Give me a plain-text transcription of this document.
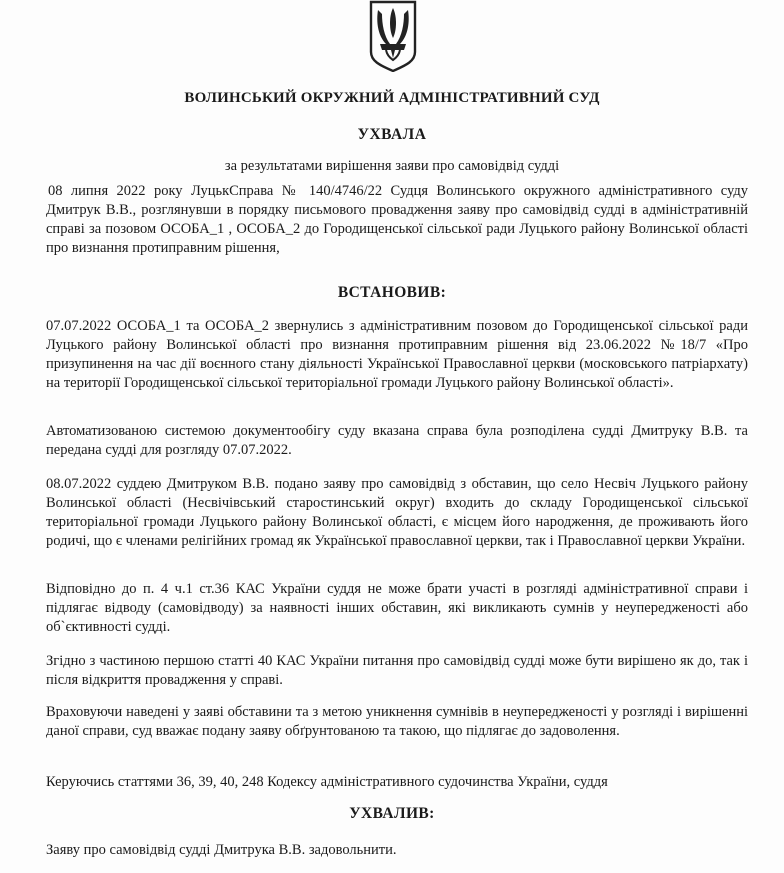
ВОЛИНСЬКИЙ ОКРУЖНИЙ АДМІНІСТРАТИВНИЙ СУД
УХВАЛА
за результатами вирішення заяви про самовідвід судді
08 липня 2022 року ЛуцькСправа № 140/4746/22 Судця Волинського окружного адміністративного суду Дмитрук В.В., розглянувши в порядку письмового провадження заяву про самовідвід судді в адміністративній справі за позовом ОСОБА_1 , ОСОБА_2 до Городищенської сільської ради Луцького району Волинської області про визнання протиправним рішення,
ВСТАНОВИВ:
07.07.2022 ОСОБА_1 та ОСОБА_2 звернулись з адміністративним позовом до Городищенської сільської ради Луцького району Волинської області про визнання протиправним рішення від 23.06.2022 №18/7 «Про призупинення на час дії воєнного стану діяльності Української Православної церкви (московського патріархату) на території Городищенської сільської територіальної громади Луцького району Волинської області».
Автоматизованою системою документообігу суду вказана справа була розподілена судді Дмитруку В.В. та передана судді для розгляду 07.07.2022.
08.07.2022 суддею Дмитруком В.В. подано заяву про самовідвід з обставин, що село Несвіч Луцького району Волинської області (Несвічівський старостинський округ) входить до складу Городищенської сільської територіальної громади Луцького району Волинської області, є місцем його народження, де проживають його родичі, що є членами релігійних громад як Української православної церкви, так і Православної церкви України.
Відповідно до п. 4 ч.1 ст.36 КАС України суддя не може брати участі в розгляді адміністративної справи і підлягає відводу (самовідводу) за наявності інших обставин, які викликають сумнів у неупередженості або об`єктивності судді.
Згідно з частиною першою статті 40 КАС України питання про самовідвід судді може бути вирішено як до, так і після відкриття провадження у справі.
Враховуючи наведені у заяві обставини та з метою уникнення сумнівів в неупередженості у розгляді і вирішенні даної справи, суд вважає подану заяву обґрунтованою та такою, що підлягає до задоволення.
Керуючись статтями 36, 39, 40, 248 Кодексу адміністративного судочинства України, суддя
УХВАЛИВ:
Заяву про самовідвід судді Дмитрука В.В. задовольнити.
